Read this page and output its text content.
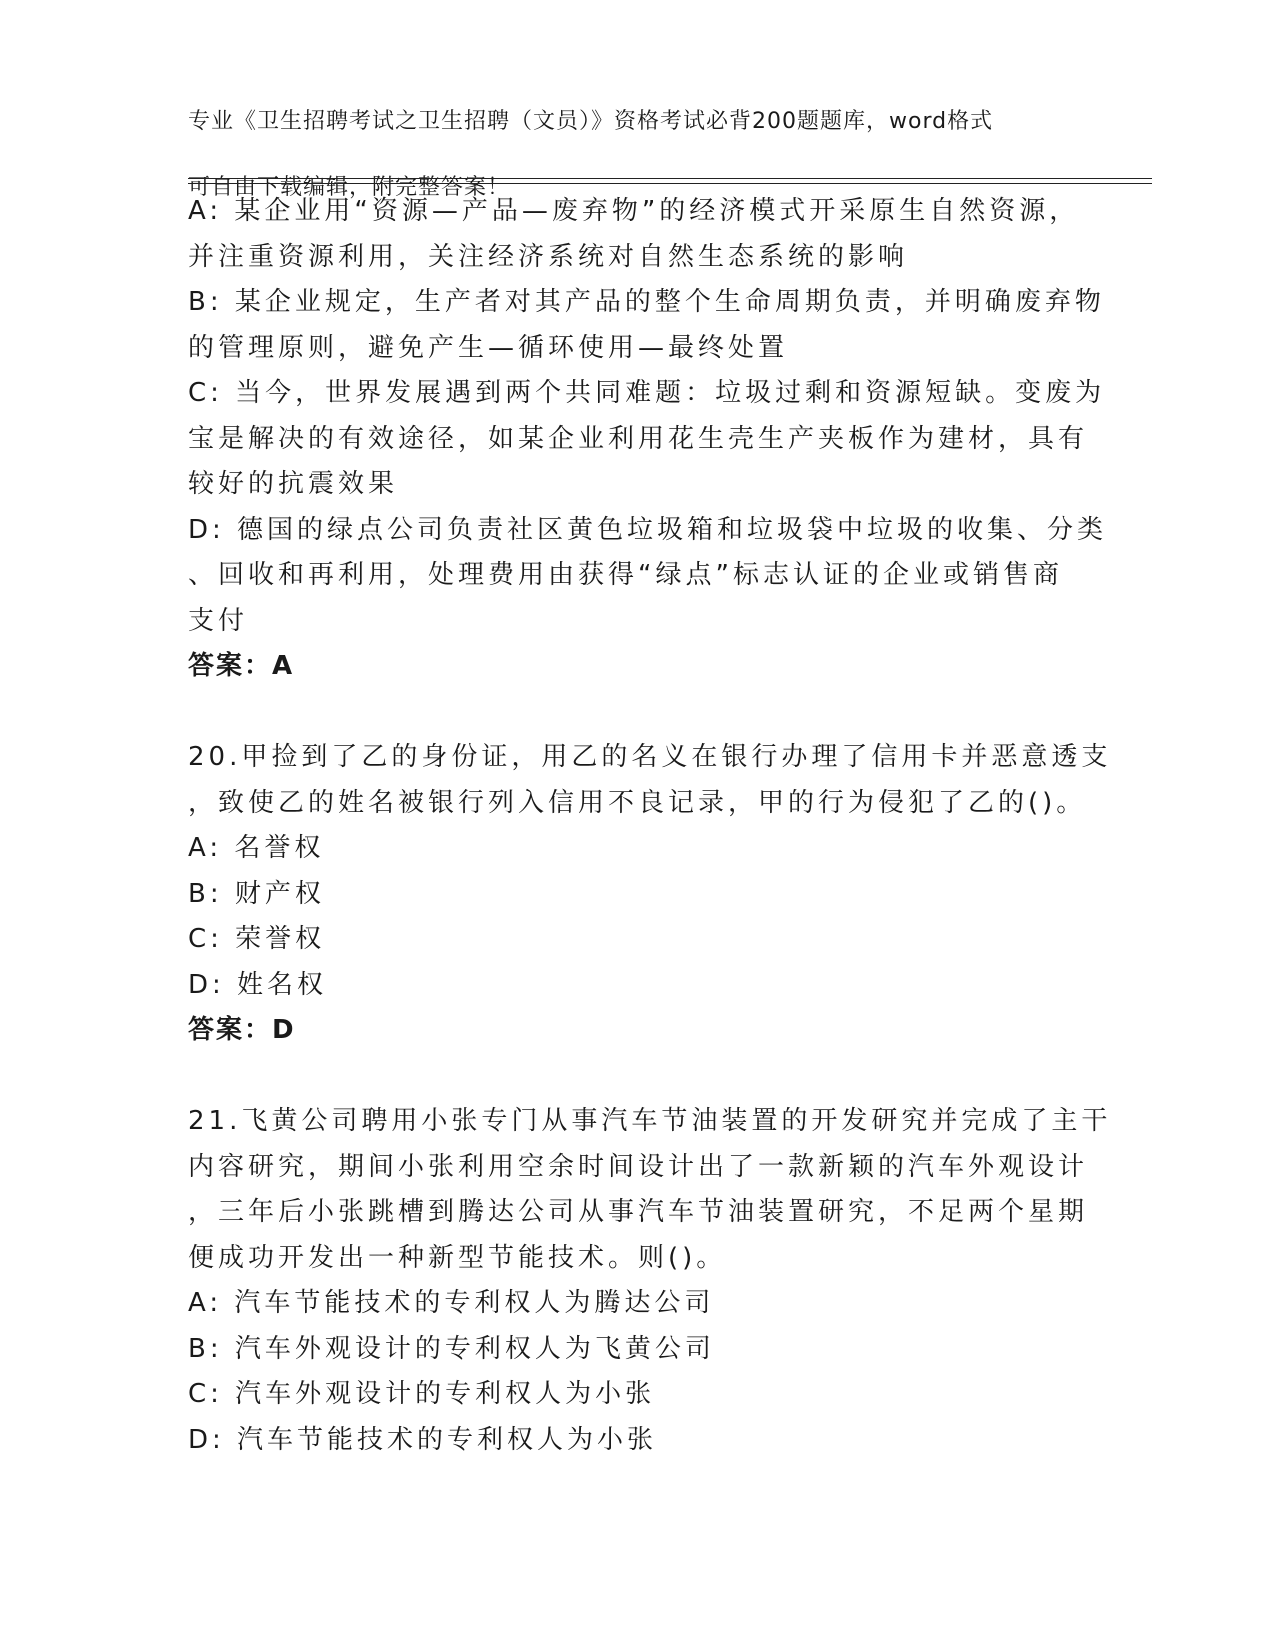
专业《卫生招聘考试之卫生招聘（文员）》资格考试必背200题题库，word格式

可自由下载编辑，附完整答案！

A: 某企业用“资源—产品—废弃物”的经济模式开采原生自然资源，
并注重资源利用，关注经济系统对自然生态系统的影响
B: 某企业规定，生产者对其产品的整个生命周期负责，并明确废弃物
的管理原则，避免产生—循环使用—最终处置
C: 当今，世界发展遇到两个共同难题：垃圾过剩和资源短缺。变废为
宝是解决的有效途径，如某企业利用花生壳生产夹板作为建材，具有
较好的抗震效果
D: 德国的绿点公司负责社区黄色垃圾箱和垃圾袋中垃圾的收集、分类
、回收和再利用，处理费用由获得“绿点”标志认证的企业或销售商
支付
答案：A
20.甲捡到了乙的身份证，用乙的名义在银行办理了信用卡并恶意透支
，致使乙的姓名被银行列入信用不良记录，甲的行为侵犯了乙的()。
A: 名誉权
B: 财产权
C: 荣誉权
D: 姓名权
答案：D
21.飞黄公司聘用小张专门从事汽车节油装置的开发研究并完成了主干
内容研究，期间小张利用空余时间设计出了一款新颖的汽车外观设计
，三年后小张跳槽到腾达公司从事汽车节油装置研究，不足两个星期
便成功开发出一种新型节能技术。则()。
A: 汽车节能技术的专利权人为腾达公司
B: 汽车外观设计的专利权人为飞黄公司
C: 汽车外观设计的专利权人为小张
D: 汽车节能技术的专利权人为小张
